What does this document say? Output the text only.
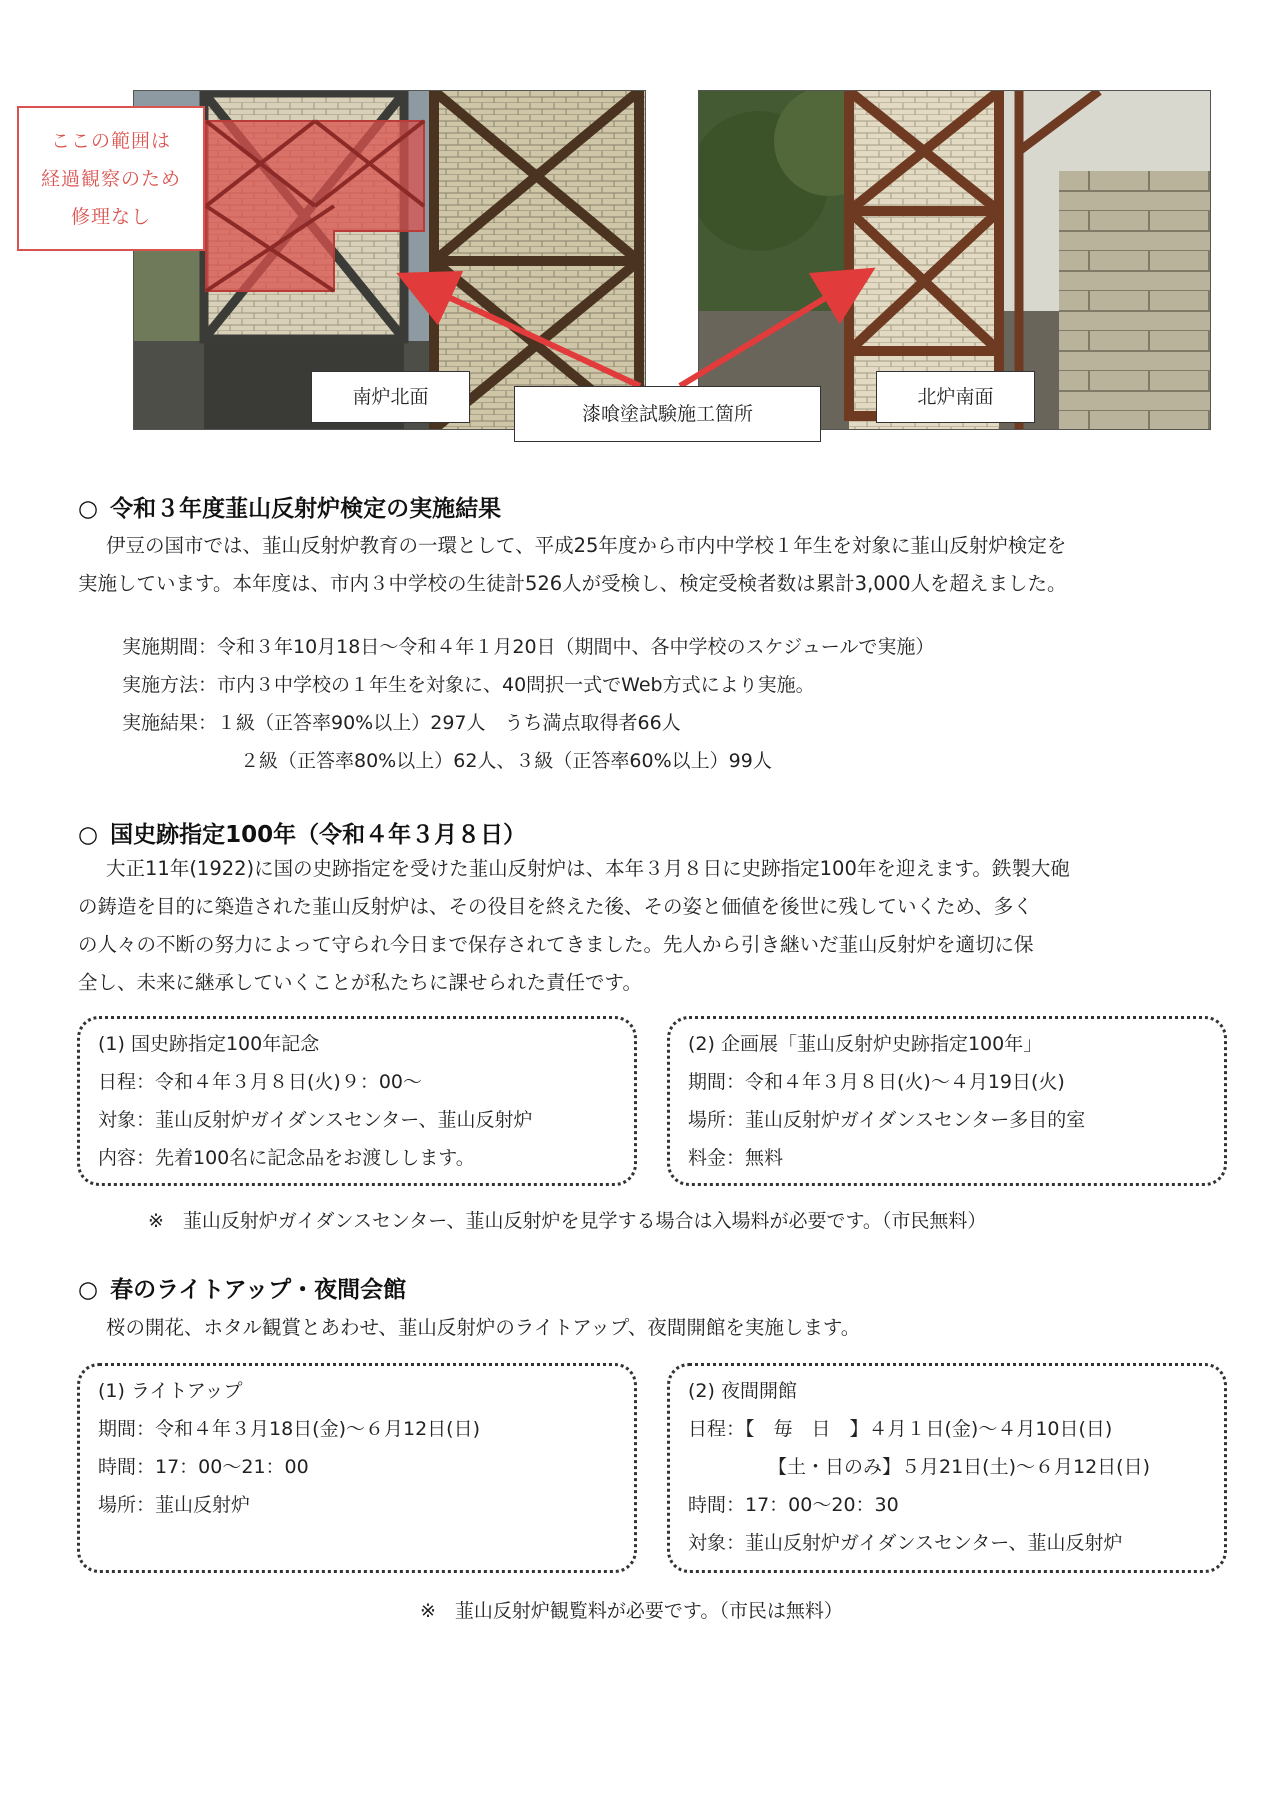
ここの範囲は
経過観察のため
修理なし
南炉北面	北炉南面
漆喰塗試験施工箇所
○ 令和３年度韮山反射炉検定の実施結果
伊豆の国市では、韮山反射炉教育の一環として、平成25年度から市内中学校１年生を対象に韮山反射炉検定を
実施しています。本年度は、市内３中学校の生徒計526人が受検し、検定受検者数は累計3,000人を超えました。
実施期間：令和３年10月18日～令和４年１月20日（期間中、各中学校のスケジュールで実施）
実施方法：市内３中学校の１年生を対象に、40問択一式でWeb方式により実施。
実施結果：１級（正答率90%以上）297人　うち満点取得者66人
２級（正答率80%以上）62人、３級（正答率60%以上）99人
○ 国史跡指定100年（令和４年３月８日）
大正11年(1922)に国の史跡指定を受けた韮山反射炉は、本年３月８日に史跡指定100年を迎えます。鉄製大砲
の鋳造を目的に築造された韮山反射炉は、その役目を終えた後、その姿と価値を後世に残していくため、多く
の人々の不断の努力によって守られ今日まで保存されてきました。先人から引き継いだ韮山反射炉を適切に保
全し、未来に継承していくことが私たちに課せられた責任です。
(1) 国史跡指定100年記念
日程：令和４年３月８日(火)９：00～
対象：韮山反射炉ガイダンスセンター、韮山反射炉
内容：先着100名に記念品をお渡しします。
(2) 企画展「韮山反射炉史跡指定100年」
期間：令和４年３月８日(火)～４月19日(火)
場所：韮山反射炉ガイダンスセンター多目的室
料金：無料
※　韮山反射炉ガイダンスセンター、韮山反射炉を見学する場合は入場料が必要です。（市民無料）
○ 春のライトアップ・夜間会館
桜の開花、ホタル観賞とあわせ、韮山反射炉のライトアップ、夜間開館を実施します。
(1) ライトアップ
期間：令和４年３月18日(金)～６月12日(日)
時間：17：00～21：00
場所：韮山反射炉
(2) 夜間開館
日程：【　毎　日　】４月１日(金)～４月10日(日)
【土・日のみ】５月21日(土)～６月12日(日)
時間：17：00～20：30
対象：韮山反射炉ガイダンスセンター、韮山反射炉
※　韮山反射炉観覧料が必要です。（市民は無料）
